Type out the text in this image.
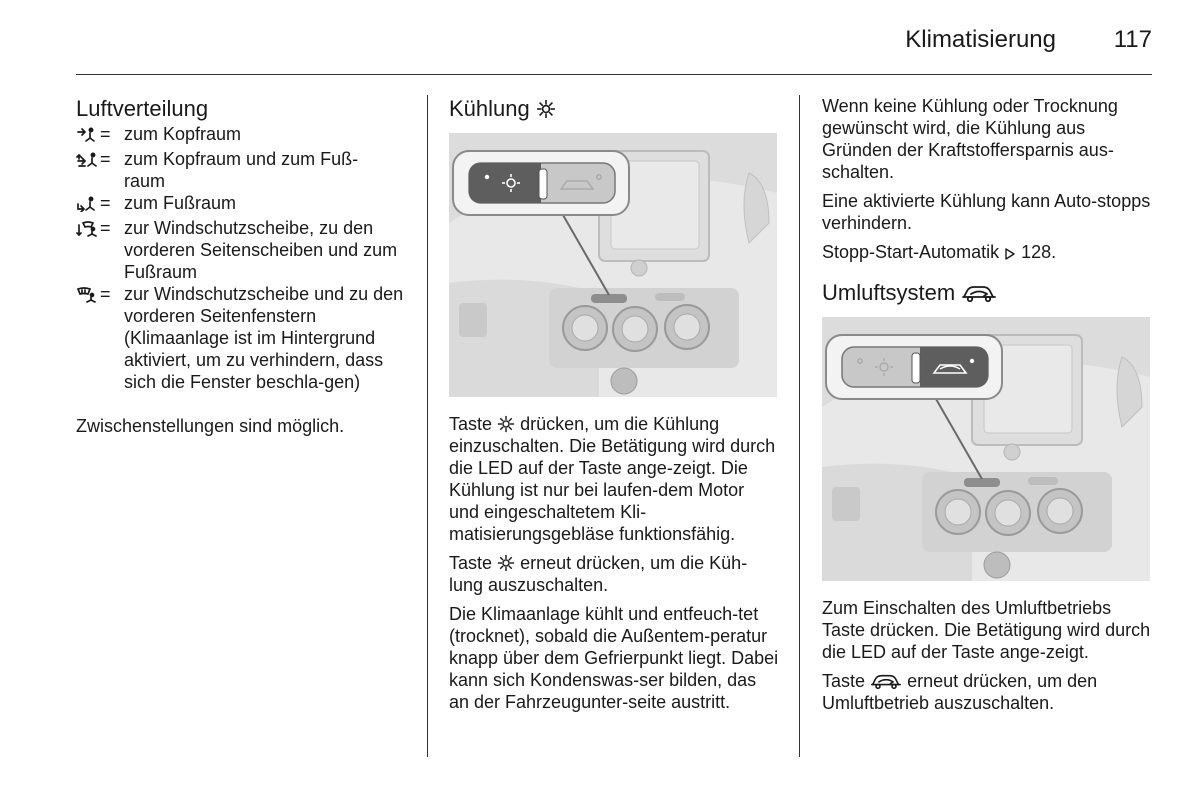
Klimatisierung	117
Luftverteilung
= zum Kopfraum
= zum Kopfraum und zum Fuß-raum
= zum Fußraum
= zur Windschutzscheibe, zu den vorderen Seitenscheiben und zum Fußraum
= zur Windschutzscheibe und zu den vorderen Seitenfenstern (Klimaanlage ist im Hintergrund aktiviert, um zu verhindern, dass sich die Fenster beschla-gen)

Zwischenstellungen sind möglich.

Kühlung

Taste drücken, um die Kühlung einzuschalten. Die Betätigung wird durch die LED auf der Taste ange-zeigt. Die Kühlung ist nur bei laufen-dem Motor und eingeschaltetem Kli-matisierungsgebläse funktionsfähig.

Taste erneut drücken, um die Küh-lung auszuschalten.

Die Klimaanlage kühlt und entfeuch-tet (trocknet), sobald die Außentem-peratur knapp über dem Gefrierpunkt liegt. Dabei kann sich Kondenswas-ser bilden, das an der Fahrzeugunter-seite austritt.

Wenn keine Kühlung oder Trocknung gewünscht wird, die Kühlung aus Gründen der Kraftstoffersparnis aus-schalten.

Eine aktivierte Kühlung kann Auto-stopps verhindern.

Stopp-Start-Automatik 128.

Umluftsystem

Zum Einschalten des Umluftbetriebs Taste drücken. Die Betätigung wird durch die LED auf der Taste ange-zeigt.

Taste erneut drücken, um den Umluftbetrieb auszuschalten.
